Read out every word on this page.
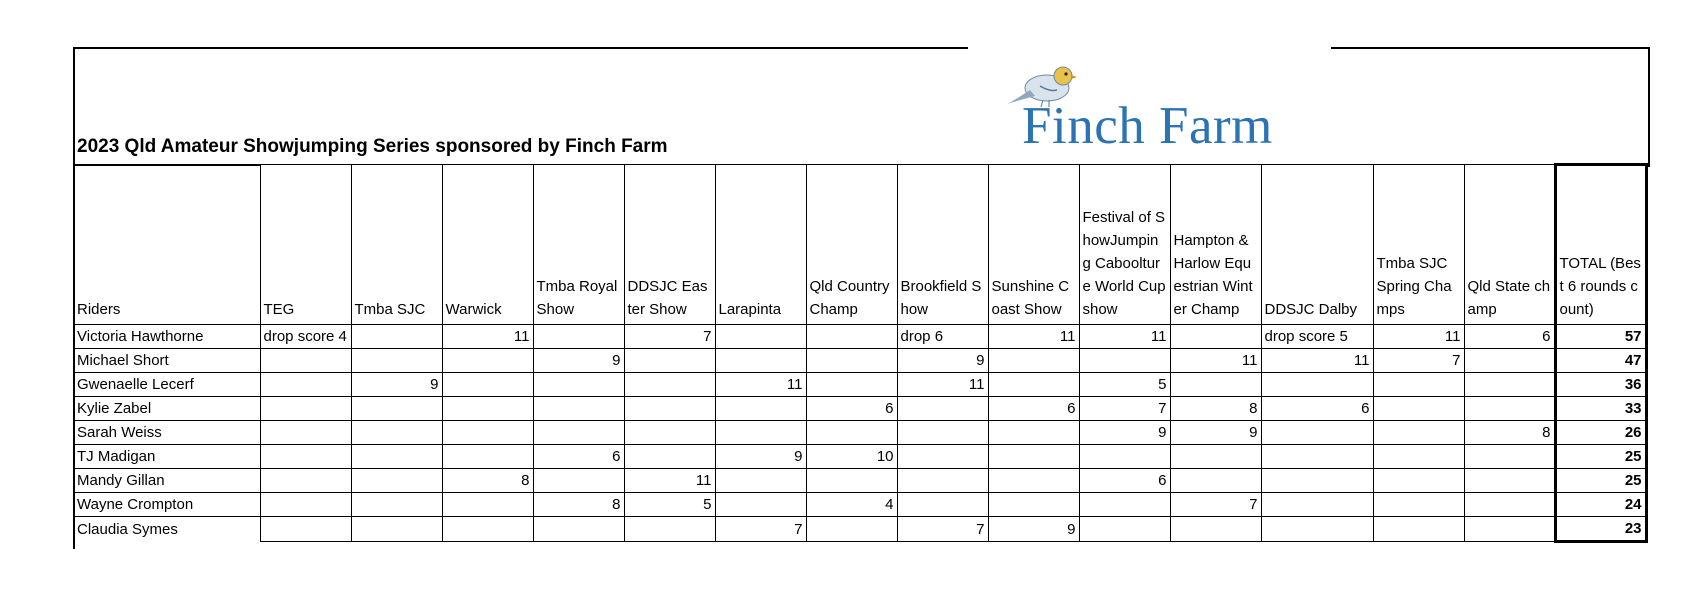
Finch Farm
2023 Qld Amateur Showjumping Series sponsored by Finch Farm
Riders	TEG	Tmba SJC	Warwick	Tmba Royal Show	DDSJC Easter Show	Larapinta	Qld Country Champ	Brookfield Show	Sunshine Coast Show	Festival of ShowJumping Caboolture World Cup show	Hampton & Harlow Equestrian Winter Champ	DDSJC Dalby	Tmba SJC Spring Champs	Qld State champ	TOTAL (Best 6 rounds count)
Victoria Hawthorne	drop score 4		11		7			drop 6	11	11		drop score 5	11	6	57
Michael Short				9				9			11	11	7		47
Gwenaelle Lecerf		9				11		11		5					36
Kylie Zabel							6		6	7	8	6			33
Sarah Weiss										9	9			8	26
TJ Madigan				6		9	10								25
Mandy Gillan			8		11					6					25
Wayne Crompton				8	5		4				7				24
Claudia Symes						7		7	9						23
